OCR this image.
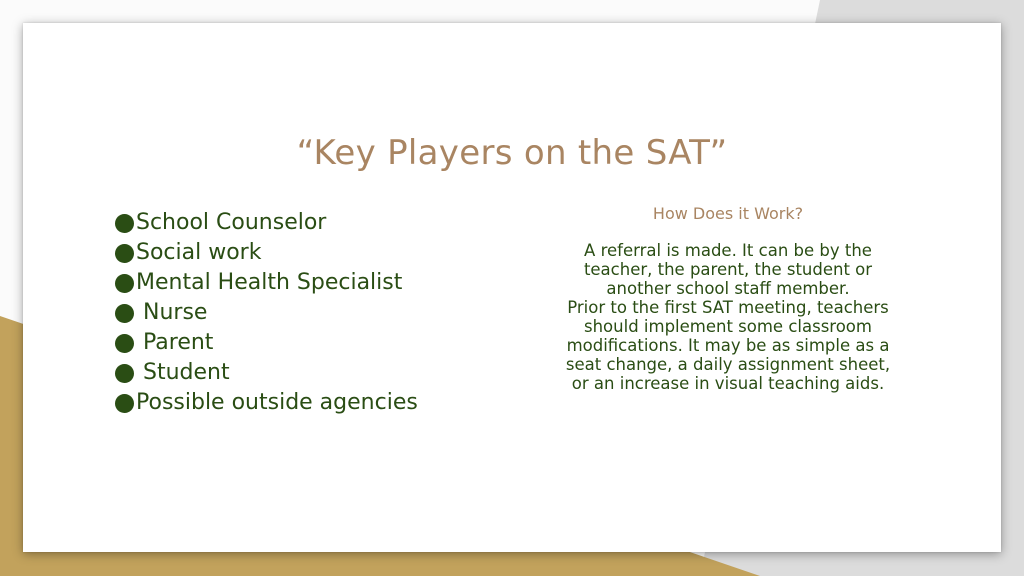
“Key Players on the SAT”
School Counselor
Social work
Mental Health Specialist
Nurse
Parent
Student
Possible outside agencies
How Does it Work?
A referral is made. It can be by the
teacher, the parent, the student or
another school staff member.
Prior to the first SAT meeting, teachers
should implement some classroom
modifications. It may be as simple as a
seat change, a daily assignment sheet,
or an increase in visual teaching aids.
